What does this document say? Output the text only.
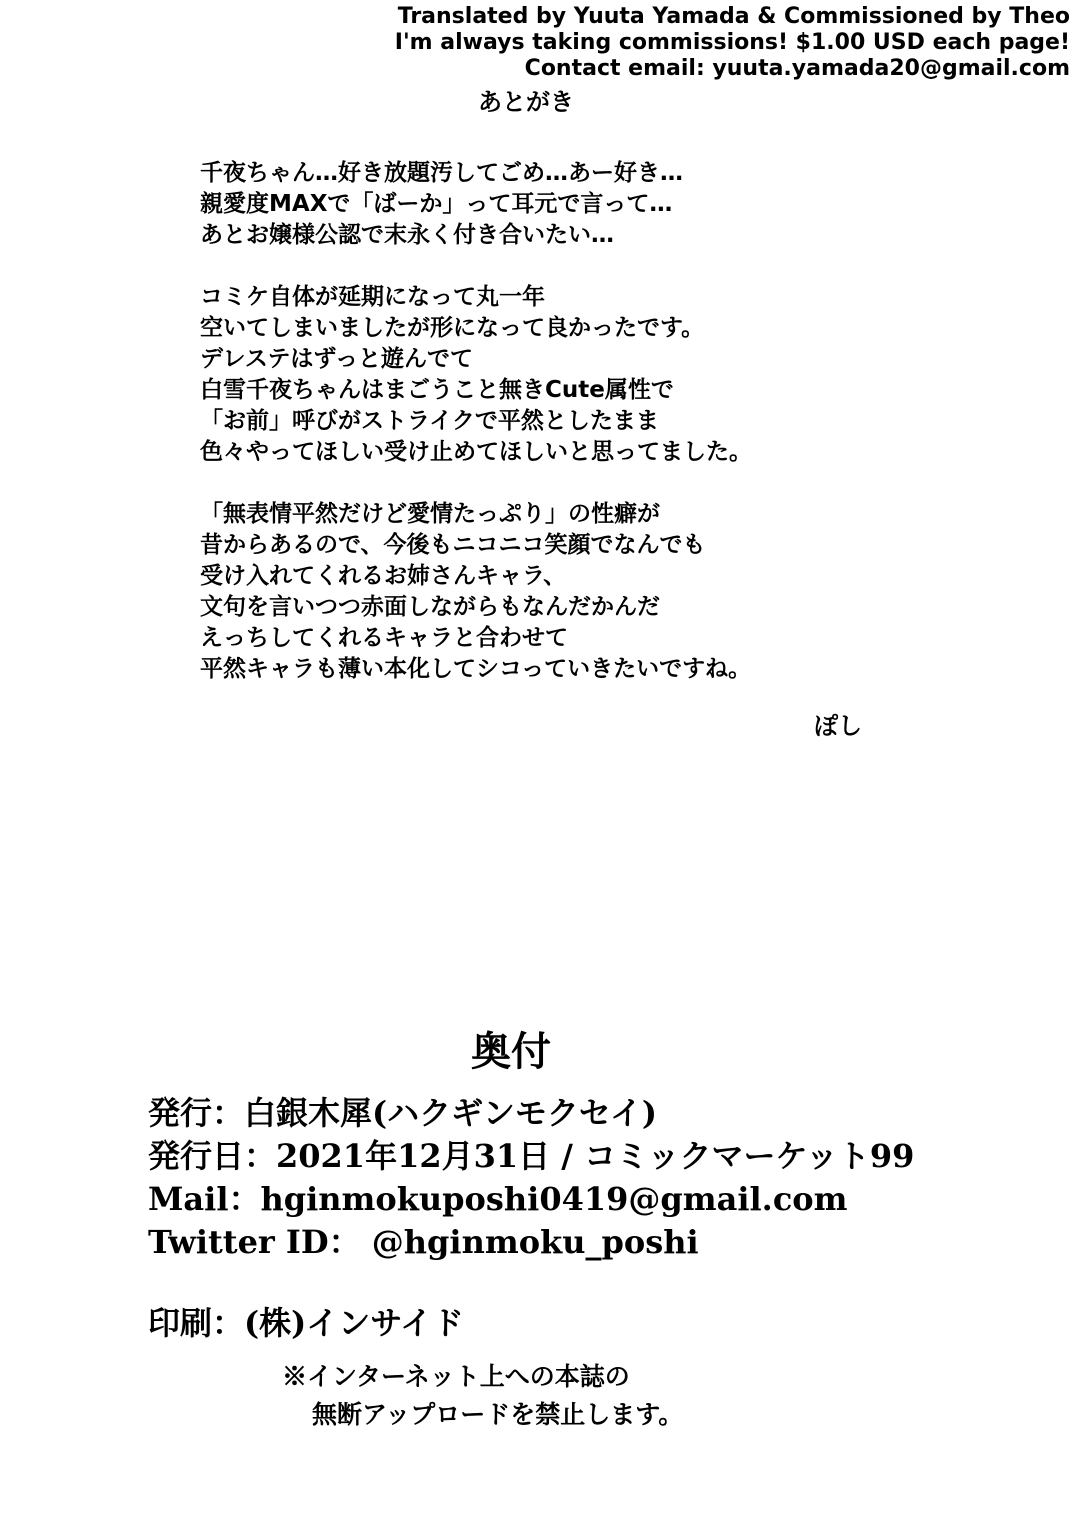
Translated by Yuuta Yamada & Commissioned by Theo
I'm always taking commissions! $1.00 USD each page!
Contact email: yuuta.yamada20@gmail.com
あとがき
千夜ちゃん…好き放題汚してごめ…あー好き…
親愛度MAXで「ばーか」って耳元で言って…
あとお嬢様公認で末永く付き合いたい…
コミケ自体が延期になって丸一年
空いてしまいましたが形になって良かったです。
デレステはずっと遊んでて
白雪千夜ちゃんはまごうこと無きCute属性で
「お前」呼びがストライクで平然としたまま
色々やってほしい受け止めてほしいと思ってました。
「無表情平然だけど愛情たっぷり」の性癖が
昔からあるので、今後もニコニコ笑顔でなんでも
受け入れてくれるお姉さんキャラ、
文句を言いつつ赤面しながらもなんだかんだ
えっちしてくれるキャラと合わせて
平然キャラも薄い本化してシコっていきたいですね。
ぽし
奥付
発行：白銀木犀(ハクギンモクセイ)
発行日：2021年12月31日 / コミックマーケット99
Mail：hginmokuposhi0419@gmail.com
Twitter ID： @hginmoku_poshi
印刷：(株)インサイド
※インターネット上への本誌の
無断アップロードを禁止します。
